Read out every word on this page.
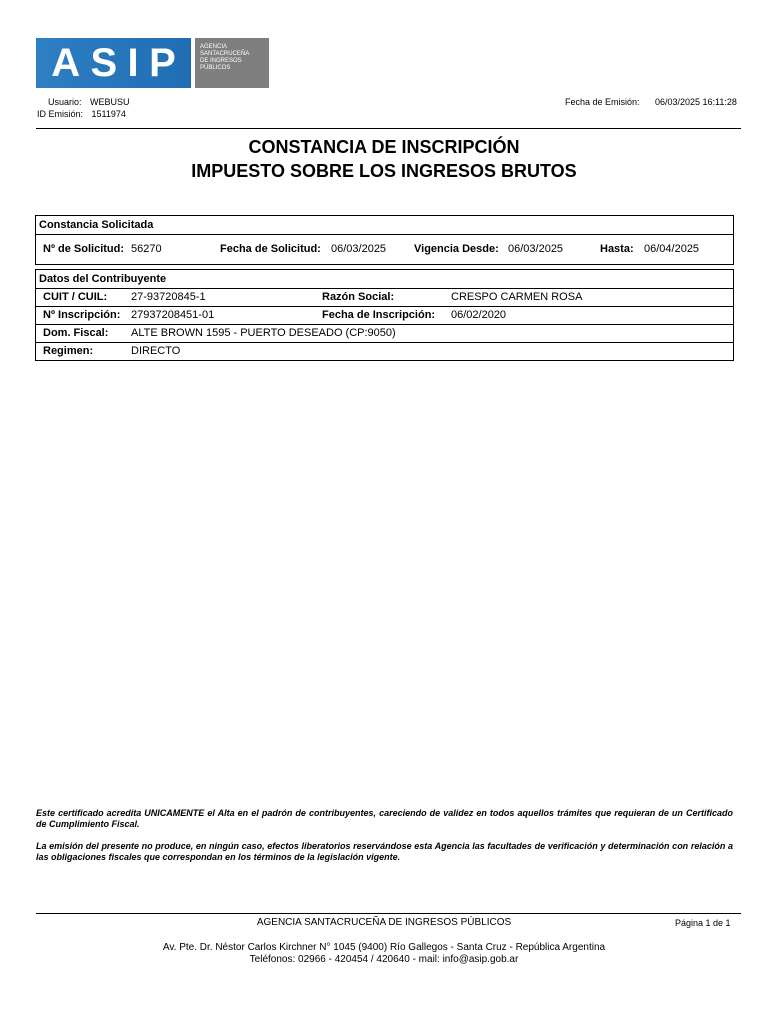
A S I P	AGENCIA
SANTACRUCEÑA
DE INGRESOS
PÚBLICOS
Usuario: WEBUSU
ID Emisión: 1511974
Fecha de Emisión: 06/03/2025 16:11:28
CONSTANCIA DE INSCRIPCIÓN
IMPUESTO SOBRE LOS INGRESOS BRUTOS
Constancia Solicitada
Nº de Solicitud: 56270	Fecha de Solicitud: 06/03/2025	Vigencia Desde: 06/03/2025	Hasta: 06/04/2025
Datos del Contribuyente
CUIT / CUIL: 27-93720845-1	Razón Social:	CRESPO CARMEN ROSA
Nº Inscripción: 27937208451-01	Fecha de Inscripción: 06/02/2020
Dom. Fiscal: ALTE BROWN 1595 - PUERTO DESEADO (CP:9050)
Regimen:	DIRECTO
Este certificado acredita UNICAMENTE el Alta en el padrón de contribuyentes, careciendo de validez en todos aquellos trámites que requieran de un Certificado de Cumplimiento Fiscal.
La emisión del presente no produce, en ningún caso, efectos liberatorios reservándose esta Agencia las facultades de verificación y determinación con relación a las obligaciones fiscales que correspondan en los términos de la legislación vigente.
AGENCIA SANTACRUCEÑA DE INGRESOS PÚBLICOS	Página 1 de 1
Av. Pte. Dr. Néstor Carlos Kirchner N° 1045 (9400) Río Gallegos - Santa Cruz - República Argentina
Teléfonos: 02966 - 420454 / 420640 - mail: info@asip.gob.ar
